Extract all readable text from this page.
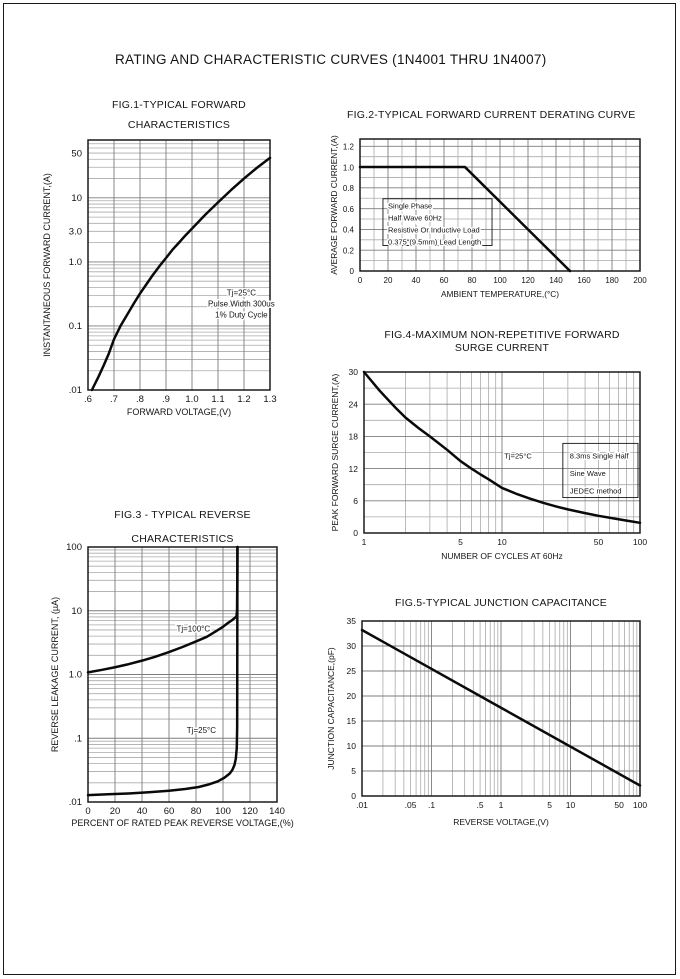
RATING AND CHARACTERISTIC CURVES (1N4001 THRU 1N4007)
FIG.1-TYPICAL FORWARD
CHARACTERISTICS
Tj=25°C
Pulse Width 300us
1% Duty Cycle
.6 .7 .8 .9 1.0 1.1 1.2 1.3
50
10
3.0
1.0
0.1
.01
FORWARD VOLTAGE,(V)
INSTANTANEOUS FORWARD CURRENT,(A)
FIG.2-TYPICAL FORWARD CURRENT DERATING CURVE
Single Phase
Half Wave 60Hz
Resistive Or Inductive Load
0.375"(9.5mm) Lead Length
0	20 40 60 80 100 120 140 160 180 200
0
0.2
0.4
0.6
0.8
1.0
1.2
AMBIENT TEMPERATURE,(°C)
AVERAGE FORWARD CURRENT,(A)
FIG.4-MAXIMUM NON-REPETITIVE FORWARD
SURGE CURRENT
Tj=25°C	8.3ms Single Half
Sine Wave
JEDEC method
1	5	10	50	100
0
6
12
18
24
30
NUMBER OF CYCLES AT 60Hz
PEAK FORWARD SURGE CURRENT,(A)
FIG.3 - TYPICAL REVERSE
CHARACTERISTICS
Tj=100°C
Tj=25°C
0 20 40 60 80 100 120 140
100
10
1.0
.1
.01
PERCENT OF RATED PEAK REVERSE VOLTAGE,(%)
REVERSE LEAKAGE CURRENT, (µA)	FIG.5-TYPICAL JUNCTION CAPACITANCE
.01	.05 .1	.5 1	5 10	50 100
0
5
10
15
20
25
30
35
REVERSE VOLTAGE,(V)
JUNCTION CAPACITANCE,(pF)
